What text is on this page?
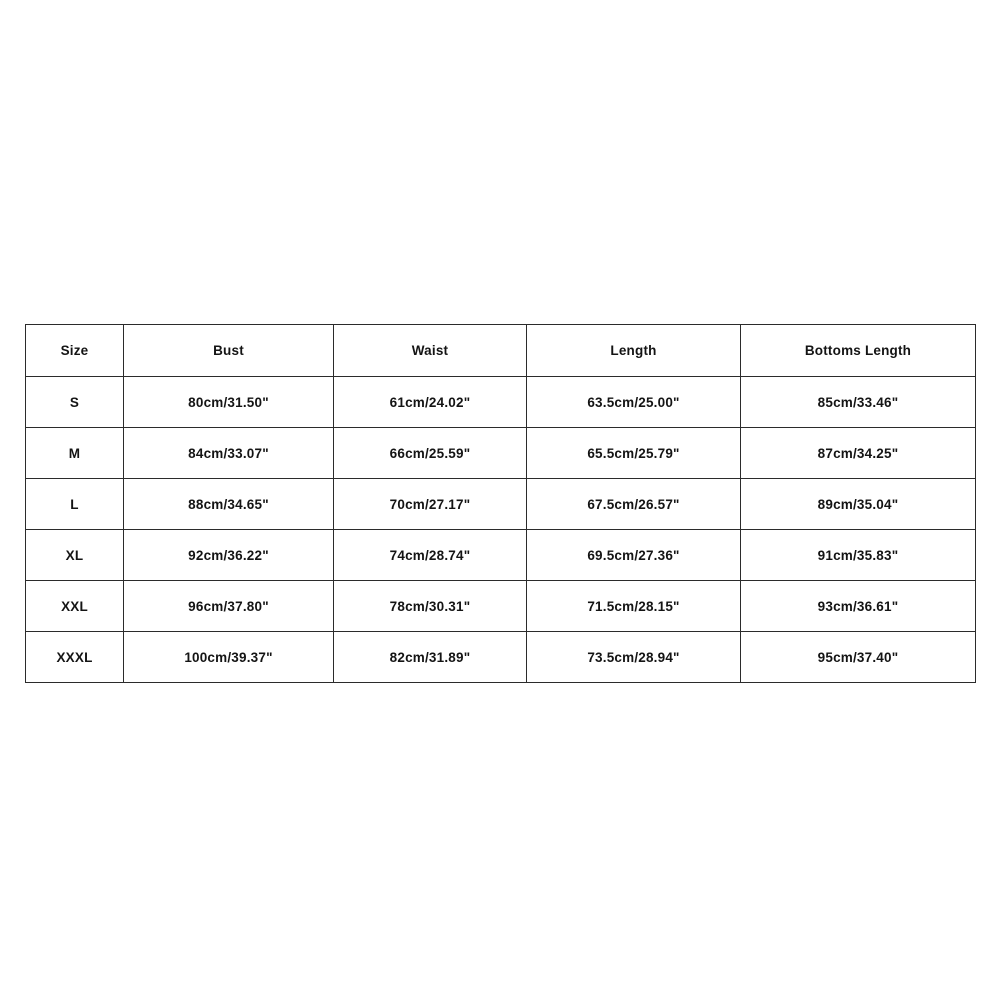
Size	Bust	Waist	Length	Bottoms Length
S	80cm/31.50"	61cm/24.02"	63.5cm/25.00"	85cm/33.46"
M	84cm/33.07"	66cm/25.59"	65.5cm/25.79"	87cm/34.25"
L	88cm/34.65"	70cm/27.17"	67.5cm/26.57"	89cm/35.04"
XL	92cm/36.22"	74cm/28.74"	69.5cm/27.36"	91cm/35.83"
XXL	96cm/37.80"	78cm/30.31"	71.5cm/28.15"	93cm/36.61"
XXXL	100cm/39.37"	82cm/31.89"	73.5cm/28.94"	95cm/37.40"
